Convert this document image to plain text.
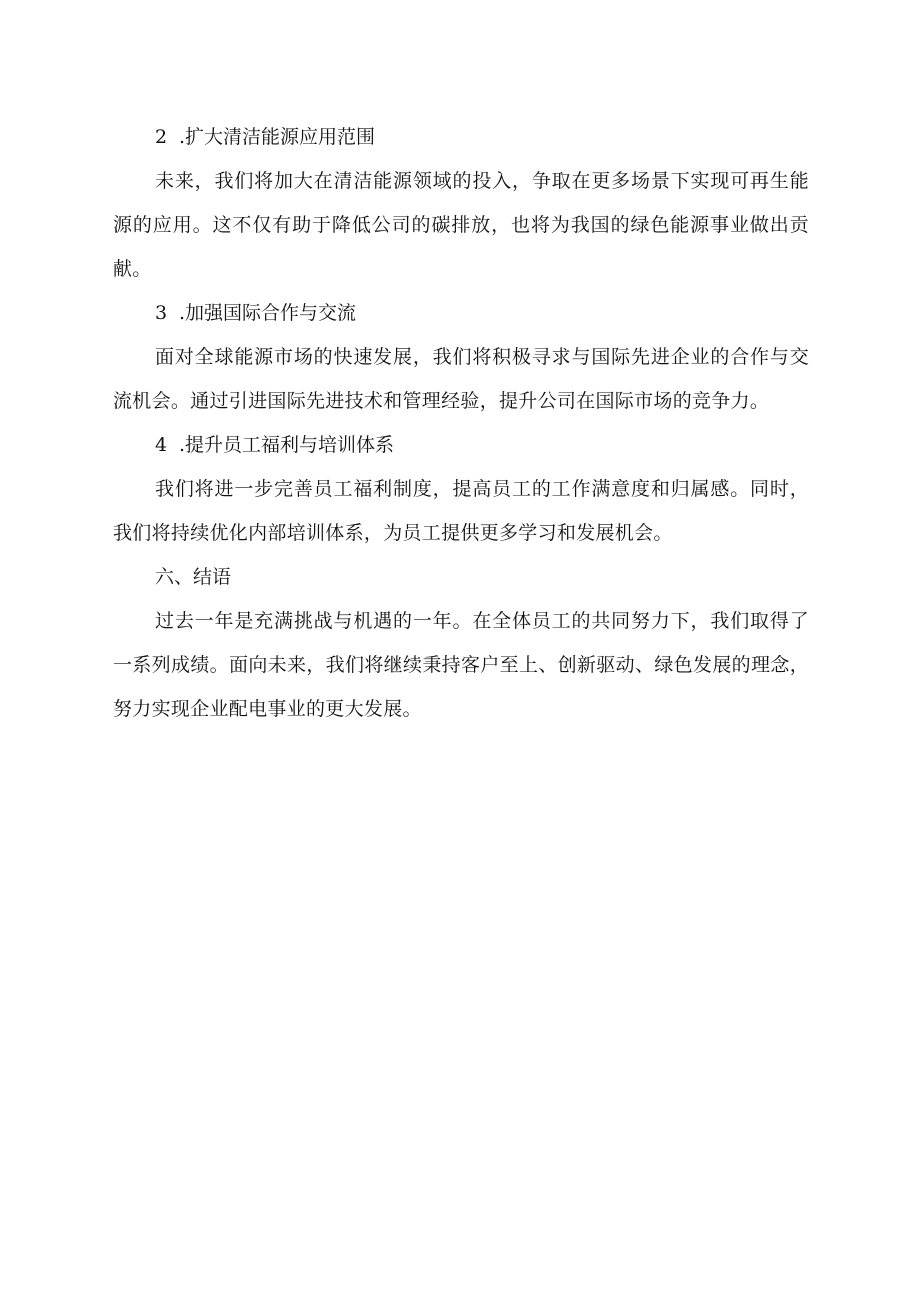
2 .扩大清洁能源应用范围

未来，我们将加大在清洁能源领域的投入，争取在更多场景下实现可再生能源的应用。这不仅有助于降低公司的碳排放，也将为我国的绿色能源事业做出贡献。

3 .加强国际合作与交流

面对全球能源市场的快速发展，我们将积极寻求与国际先进企业的合作与交流机会。通过引进国际先进技术和管理经验，提升公司在国际市场的竞争力。

4 .提升员工福利与培训体系

我们将进一步完善员工福利制度，提高员工的工作满意度和归属感。同时，我们将持续优化内部培训体系，为员工提供更多学习和发展机会。

六、结语

过去一年是充满挑战与机遇的一年。在全体员工的共同努力下，我们取得了一系列成绩。面向未来，我们将继续秉持客户至上、创新驱动、绿色发展的理念，努力实现企业配电事业的更大发展。
